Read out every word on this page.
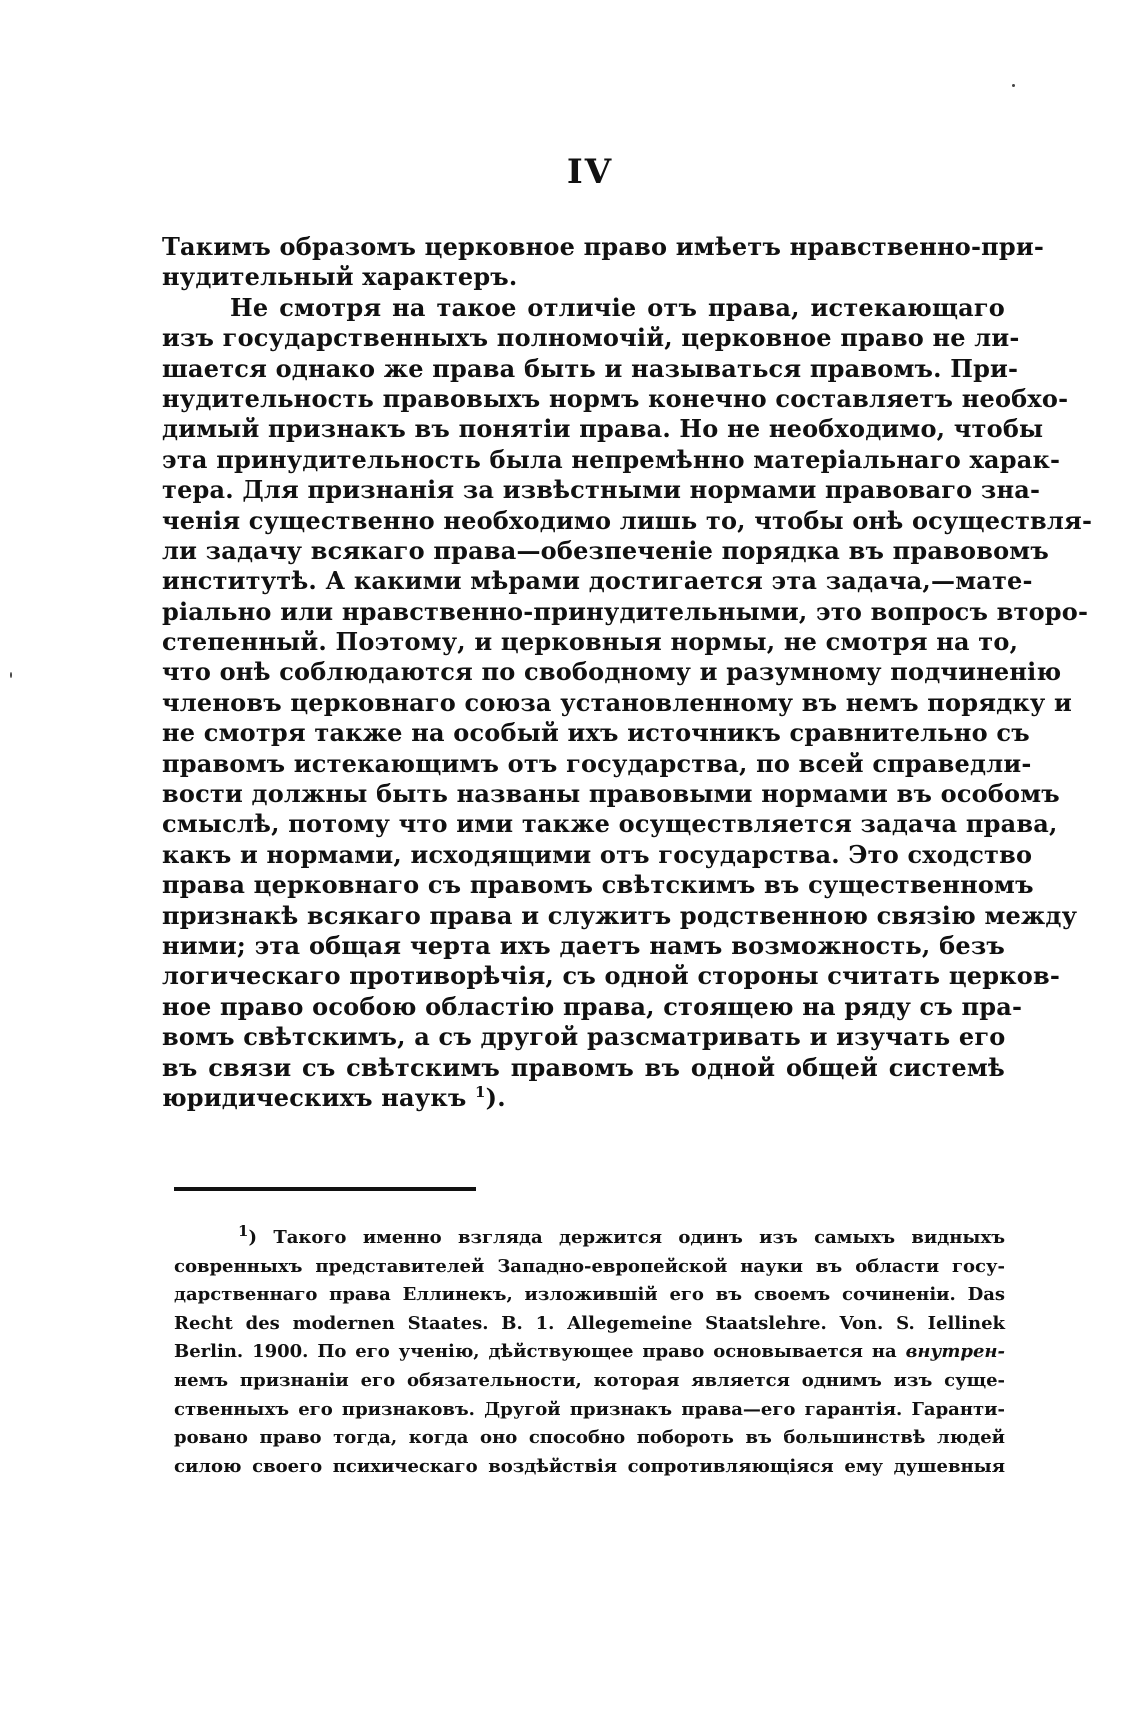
IV
Такимъ образомъ церковное право имѣетъ нравственно-при-
нудительный характеръ.
Не смотря на такое отличіе отъ права, истекающаго
изъ государственныхъ полномочій, церковное право не ли-
шается однако же права быть и называться правомъ. При-
нудительность правовыхъ нормъ конечно составляетъ необхо-
димый признакъ въ понятіи права. Но не необходимо, чтобы
эта принудительность была непремѣнно матеріальнаго харак-
тера. Для признанія за извѣстными нормами правоваго зна-
ченія существенно необходимо лишь то, чтобы онѣ осуществля-
ли задачу всякаго права—обезпеченіе порядка въ правовомъ
институтѣ. А какими мѣрами достигается эта задача,—мате-
ріально или нравственно-принудительными, это вопросъ второ-
степенный. Поэтому, и церковныя нормы, не смотря на то,
что онѣ соблюдаются по свободному и разумному подчиненію
членовъ церковнаго союза установленному въ немъ порядку и
не смотря также на особый ихъ источникъ сравнительно съ
правомъ истекающимъ отъ государства, по всей справедли-
вости должны быть названы правовыми нормами въ особомъ
смыслѣ, потому что ими также осуществляется задача права,
какъ и нормами, исходящими отъ государства. Это сходство
права церковнаго съ правомъ свѣтскимъ въ существенномъ
признакѣ всякаго права и служитъ родственною связію между
ними; эта общая черта ихъ даетъ намъ возможность, безъ
логическаго противорѣчія, съ одной стороны считать церков-
ное право особою областію права, стоящею на ряду съ пра-
вомъ свѣтскимъ, а съ другой разсматривать и изучать его
въ связи съ свѣтскимъ правомъ въ одной общей системѣ
юридическихъ наукъ $^1$).
$^1$) Такого именно взгляда держится одинъ изъ самыхъ видныхъ
совренныхъ представителей Западно-европейской науки въ области госу-
дарственнаго права Еллинекъ, изложившій его въ своемъ сочиненіи. Das
Recht des modernen Staates. B. 1. Allegemeine Staatslehre. Von. S. Iellinek
Berlin. 1900. По его ученію, дѣйствующее право основывается на внутрен-
немъ признаніи его обязательности, которая является однимъ изъ суще-
ственныхъ его признаковъ. Другой признакъ права—его гарантія. Гаранти-
ровано право тогда, когда оно способно побороть въ большинствѣ людей
силою своего психическаго воздѣйствія сопротивляющіяся ему душевныя
